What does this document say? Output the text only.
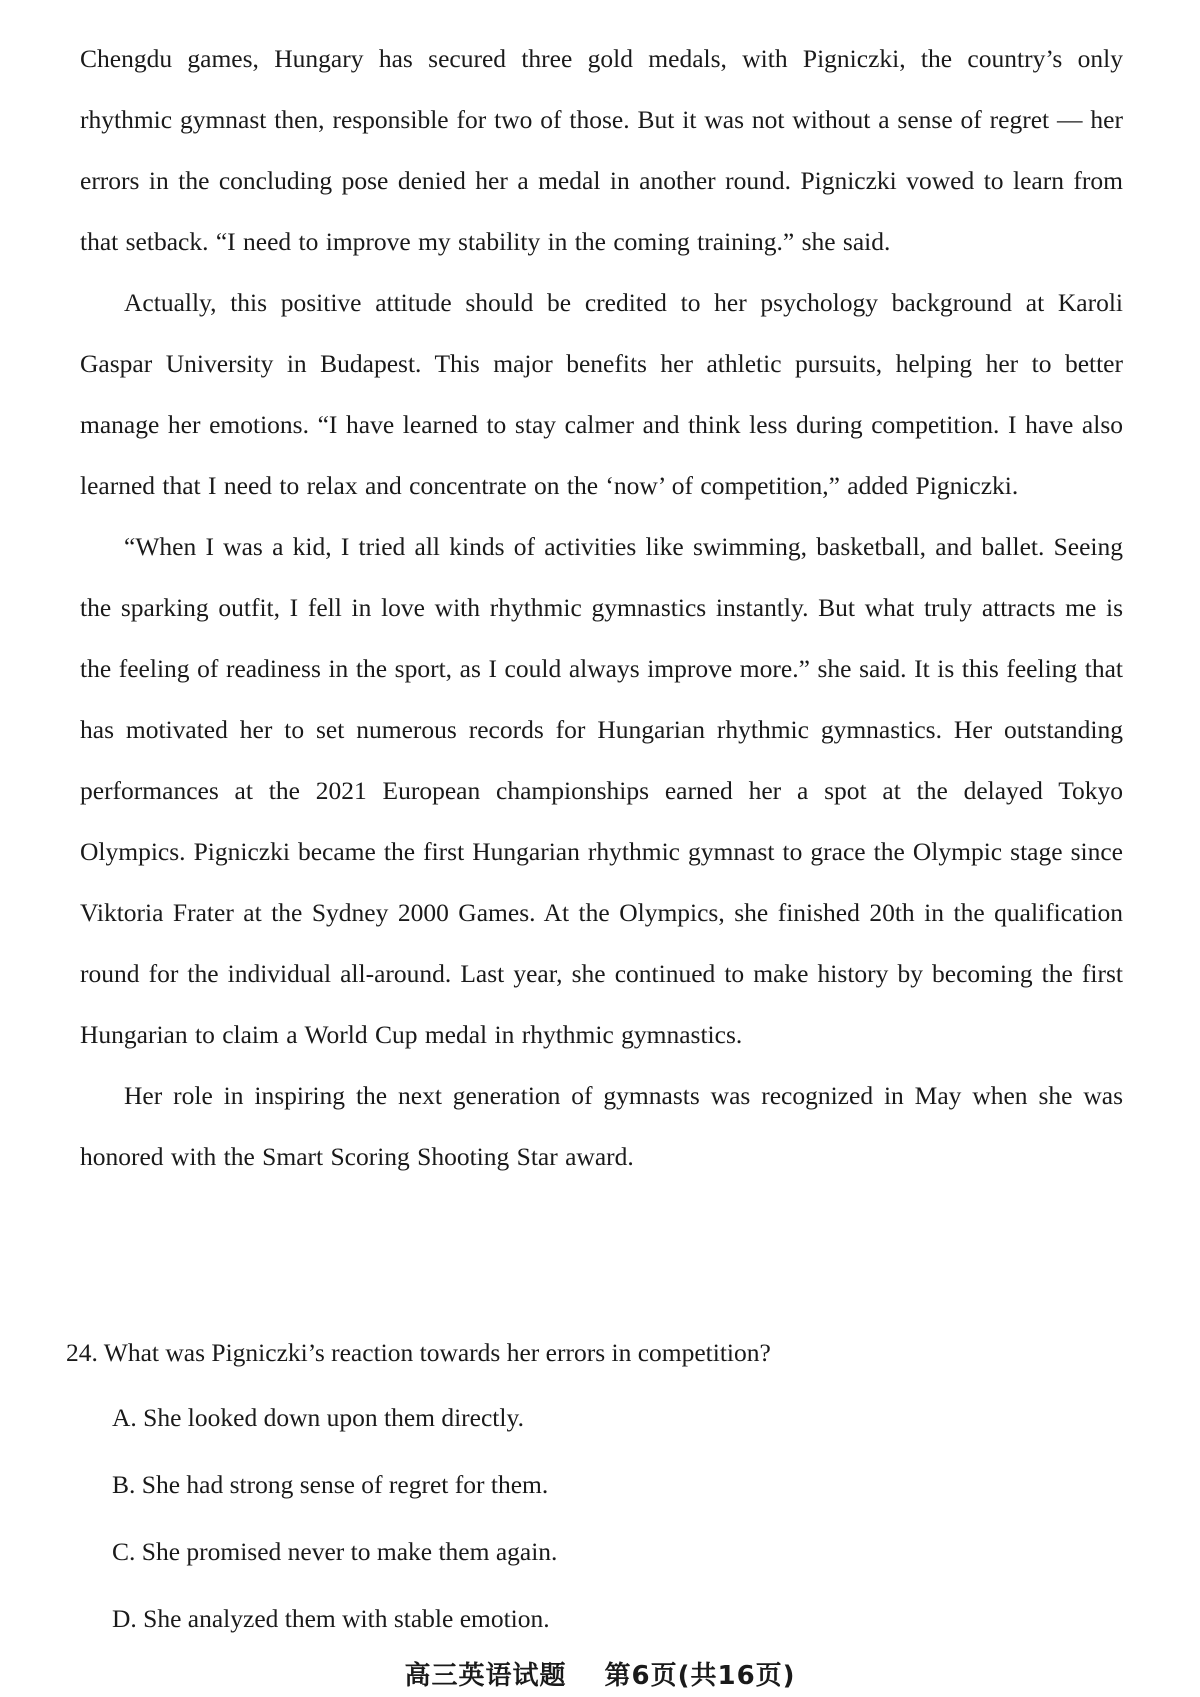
Chengdu games, Hungary has secured three gold medals, with Pigniczki, the country’s only rhythmic gymnast then, responsible for two of those. But it was not without a sense of regret — her errors in the concluding pose denied her a medal in another round. Pigniczki vowed to learn from that setback. “I need to improve my stability in the coming training.” she said.

Actually, this positive attitude should be credited to her psychology background at Karoli Gaspar University in Budapest. This major benefits her athletic pursuits, helping her to better manage her emotions. “I have learned to stay calmer and think less during competition. I have also learned that I need to relax and concentrate on the ‘now’ of competition,” added Pigniczki.

“When I was a kid, I tried all kinds of activities like swimming, basketball, and ballet. Seeing the sparking outfit, I fell in love with rhythmic gymnastics instantly. But what truly attracts me is the feeling of readiness in the sport, as I could always improve more.” she said. It is this feeling that has motivated her to set numerous records for Hungarian rhythmic gymnastics. Her outstanding performances at the 2021 European championships earned her a spot at the delayed Tokyo Olympics. Pigniczki became the first Hungarian rhythmic gymnast to grace the Olympic stage since Viktoria Frater at the Sydney 2000 Games. At the Olympics, she finished 20th in the qualification round for the individual all-around. Last year, she continued to make history by becoming the first Hungarian to claim a World Cup medal in rhythmic gymnastics.

Her role in inspiring the next generation of gymnasts was recognized in May when she was honored with the Smart Scoring Shooting Star award.

24. What was Pigniczki’s reaction towards her errors in competition?

A. She looked down upon them directly.
B. She had strong sense of regret for them.
C. She promised never to make them again.
D. She analyzed them with stable emotion.
高三英语试题 第6页(共16页)
